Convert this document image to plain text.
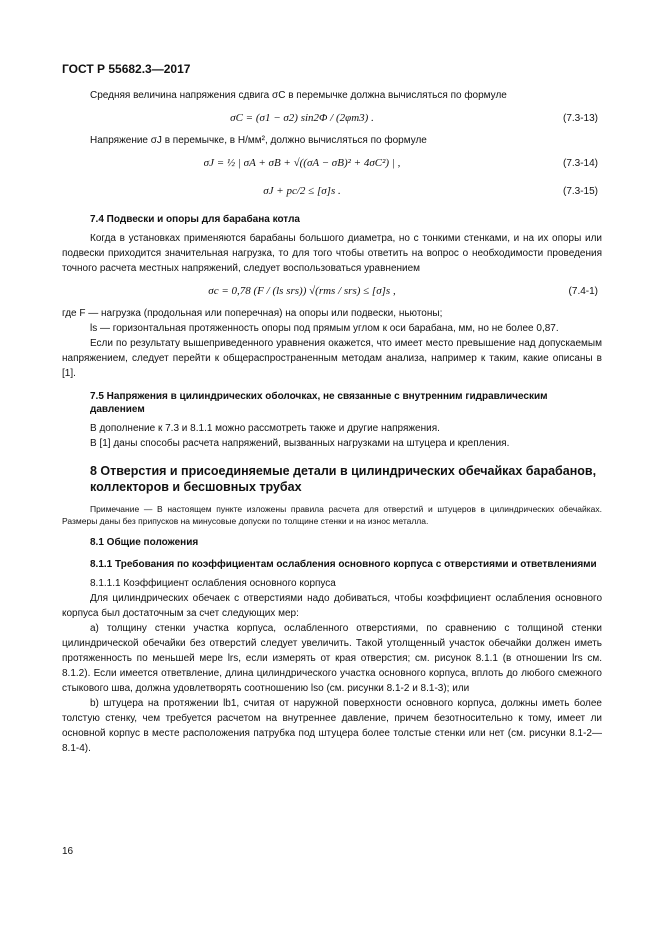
ГОСТ Р 55682.3—2017

Средняя величина напряжения сдвига σC в перемычке должна вычисляться по формуле

σC = (σ1 − σ2) sin2Φ / (2φm3) .	(7.3-13)

Напряжение σJ в перемычке, в Н/мм², должно вычисляться по формуле

σJ = ½ | σA + σB + √((σA − σB)² + 4σC²) | ,	(7.3-14)
σJ + pc/2 ≤ [σ]s .	(7.3-15)
7.4 Подвески и опоры для барабана котла

Когда в установках применяются барабаны большого диаметра, но с тонкими стенками, и на их опоры или подвески приходится значительная нагрузка, то для того чтобы ответить на вопрос о необходимости проведения точного расчета местных напряжений, следует воспользоваться уравнением

σc = 0,78 (F / (ls srs)) √(rms / srs) ≤ [σ]s ,	(7.4-1)

где F — нагрузка (продольная или поперечная) на опоры или подвески, ньютоны;

ls — горизонтальная протяженность опоры под прямым углом к оси барабана, мм, но не более 0,87.

Если по результату вышеприведенного уравнения окажется, что имеет место превышение над допускаемым напряжением, следует перейти к общераспространенным методам анализа, например к таким, какие описаны в [1].

7.5 Напряжения в цилиндрических оболочках, не связанные с внутренним гидравлическим давлением

В дополнение к 7.3 и 8.1.1 можно рассмотреть также и другие напряжения.

В [1] даны способы расчета напряжений, вызванных нагрузками на штуцера и крепления.

8 Отверстия и присоединяемые детали в цилиндрических обечайках барабанов, коллекторов и бесшовных трубах
Примечание — В настоящем пункте изложены правила расчета для отверстий и штуцеров в цилиндрических обечайках. Размеры даны без припусков на минусовые допуски по толщине стенки и на износ металла.
8.1 Общие положения
8.1.1 Требования по коэффициентам ослабления основного корпуса с отверстиями и ответвлениями

8.1.1.1 Коэффициент ослабления основного корпуса

Для цилиндрических обечаек с отверстиями надо добиваться, чтобы коэффициент ослабления основного корпуса был достаточным за счет следующих мер:

а) толщину стенки участка корпуса, ослабленного отверстиями, по сравнению с толщиной стенки цилиндрической обечайки без отверстий следует увеличить. Такой утолщенный участок обечайки должен иметь протяженность по меньшей мере lrs, если измерять от края отверстия; см. рисунок 8.1.1 (в отношении lrs см. 8.1.2). Если имеется ответвление, длина цилиндрического участка основного корпуса, вплоть до любого смежного стыкового шва, должна удовлетворять соотношению lso (см. рисунки 8.1-2 и 8.1-3); или

b) штуцера на протяжении lb1, считая от наружной поверхности основного корпуса, должны иметь более толстую стенку, чем требуется расчетом на внутреннее давление, причем безотносительно к тому, имеет ли основной корпус в месте расположения патрубка под штуцера более толстые стенки или нет (см. рисунки 8.1-2—8.1-4).

16
